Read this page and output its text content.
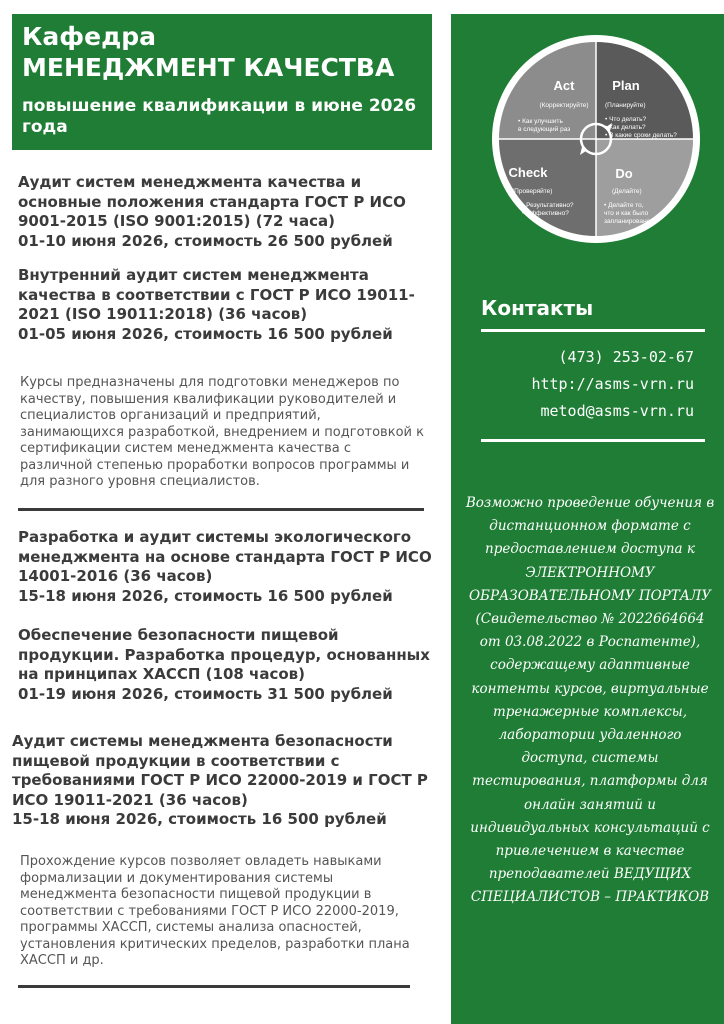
Кафедра
МЕНЕДЖМЕНТ КАЧЕСТВА
повышение квалификации в июне 2026 года
Аудит систем менеджмента качества и основные положения стандарта ГОСТ Р ИСО 9001-2015 (ISO 9001:2015) (72 часа)
01-10 июня 2026, стоимость 26 500 рублей
Внутренний аудит систем менеджмента качества в соответствии с ГОСТ Р ИСО 19011-2021 (ISO 19011:2018) (36 часов)
01-05 июня 2026, стоимость 16 500 рублей
Курсы предназначены для подготовки менеджеров по качеству, повышения квалификации руководителей и специалистов организаций и предприятий, занимающихся разработкой, внедрением и подготовкой к сертификации систем менеджмента качества с различной степенью проработки вопросов программы и для разного уровня специалистов.
Разработка и аудит системы экологического менеджмента на основе стандарта ГОСТ Р ИСО 14001-2016 (36 часов)
15-18 июня 2026, стоимость 16 500 рублей
Обеспечение безопасности пищевой продукции. Разработка процедур, основанных на принципах ХАССП (108 часов)
01-19 июня 2026, стоимость 31 500 рублей
Аудит системы менеджмента безопасности пищевой продукции в соответствии с требованиями ГОСТ Р ИСО 22000-2019 и ГОСТ Р ИСО 19011-2021 (36 часов)
15-18 июня 2026, стоимость 16 500 рублей
Прохождение курсов позволяет овладеть навыками формализации и документирования системы менеджмента безопасности пищевой продукции в соответствии с требованиями ГОСТ Р ИСО 22000-2019, программы ХАССП, системы анализа опасностей, установления критических пределов, разработки плана ХАССП и др.
Act
(Корректируйте)
• Как улучшить
в следующий раз
Plan
(Планируйте)
• Что делать?
• Как делать?
• В какие сроки делать?
Check
(Проверяйте)
• Результативно?
• Эффективно?
Do
(Делайте)
• Делайте то,
что и как было
запланировано
Контакты
(473) 253-02-67
http://asms-vrn.ru
metod@asms-vrn.ru
Возможно проведение обучения в дистанционном формате с предоставлением доступа к ЭЛЕКТРОННОМУ ОБРАЗОВАТЕЛЬНОМУ ПОРТАЛУ (Свидетельство № 2022664664 от 03.08.2022 в Роспатенте), содержащему адаптивные контенты курсов, виртуальные тренажерные комплексы, лаборатории удаленного доступа, системы тестирования, платформы для онлайн занятий и индивидуальных консультаций с привлечением в качестве преподавателей ВЕДУЩИХ СПЕЦИАЛИСТОВ – ПРАКТИКОВ
